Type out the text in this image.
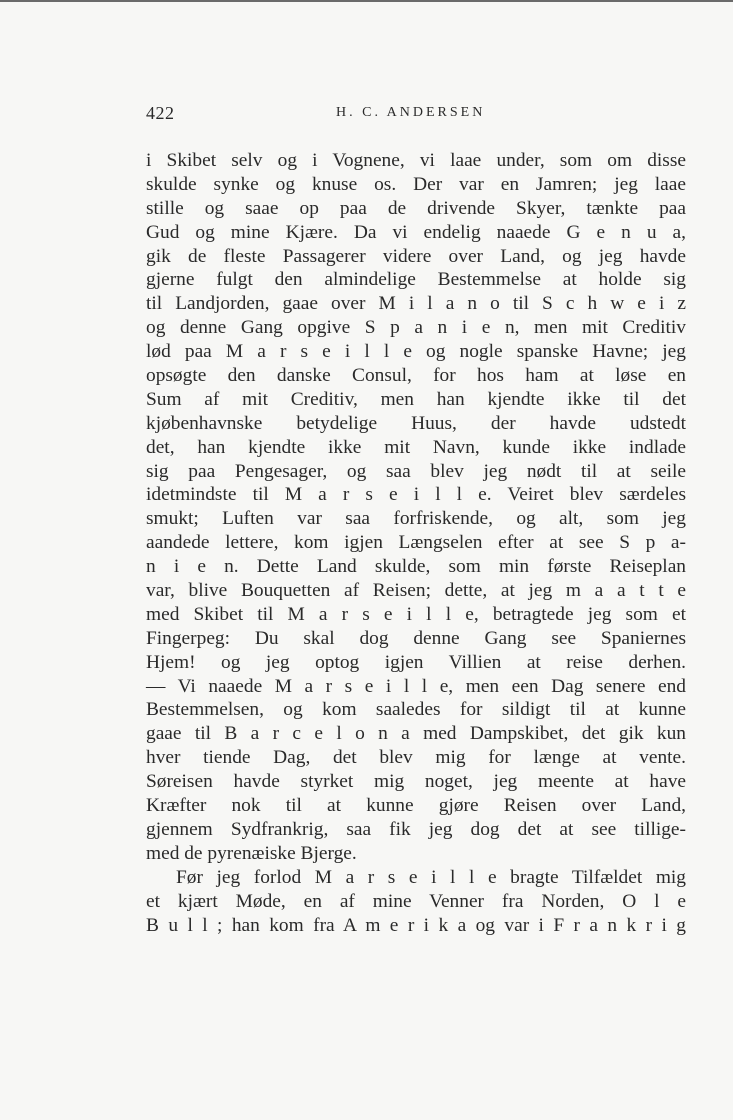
422	H. C. ANDERSEN
i Skibet selv og i Vognene, vi laae under, som om disse
skulde synke og knuse os. Der var en Jamren; jeg laae
stille og saae op paa de drivende Skyer, tænkte paa
Gud og mine Kjære. Da vi endelig naaede G e n u a,
gik de fleste Passagerer videre over Land, og jeg havde
gjerne fulgt den almindelige Bestemmelse at holde sig
til Landjorden, gaae over M i l a n o til S c h w e i z
og denne Gang opgive S p a n i e n, men mit Creditiv
lød paa M a r s e i l l e og nogle spanske Havne; jeg
opsøgte den danske Consul, for hos ham at løse en
Sum af mit Creditiv, men han kjendte ikke til det
kjøbenhavnske betydelige Huus, der havde udstedt
det, han kjendte ikke mit Navn, kunde ikke indlade
sig paa Pengesager, og saa blev jeg nødt til at seile
idetmindste til M a r s e i l l e. Veiret blev særdeles
smukt; Luften var saa forfriskende, og alt, som jeg
aandede lettere, kom igjen Længselen efter at see S p a-
n i e n. Dette Land skulde, som min første Reiseplan
var, blive Bouquetten af Reisen; dette, at jeg m a a t t e
med Skibet til M a r s e i l l e, betragtede jeg som et
Fingerpeg: Du skal dog denne Gang see Spaniernes
Hjem! og jeg optog igjen Villien at reise derhen.
— Vi naaede M a r s e i l l e, men een Dag senere end
Bestemmelsen, og kom saaledes for sildigt til at kunne
gaae til B a r c e l o n a med Dampskibet, det gik kun
hver tiende Dag, det blev mig for længe at vente.
Søreisen havde styrket mig noget, jeg meente at have
Kræfter nok til at kunne gjøre Reisen over Land,
gjennem Sydfrankrig, saa fik jeg dog det at see tillige-
med de pyrenæiske Bjerge.
Før jeg forlod M a r s e i l l e bragte Tilfældet mig
et kjært Møde, en af mine Venner fra Norden, O l e
B u l l ; han kom fra A m e r i k a og var i F r a n k r i g
